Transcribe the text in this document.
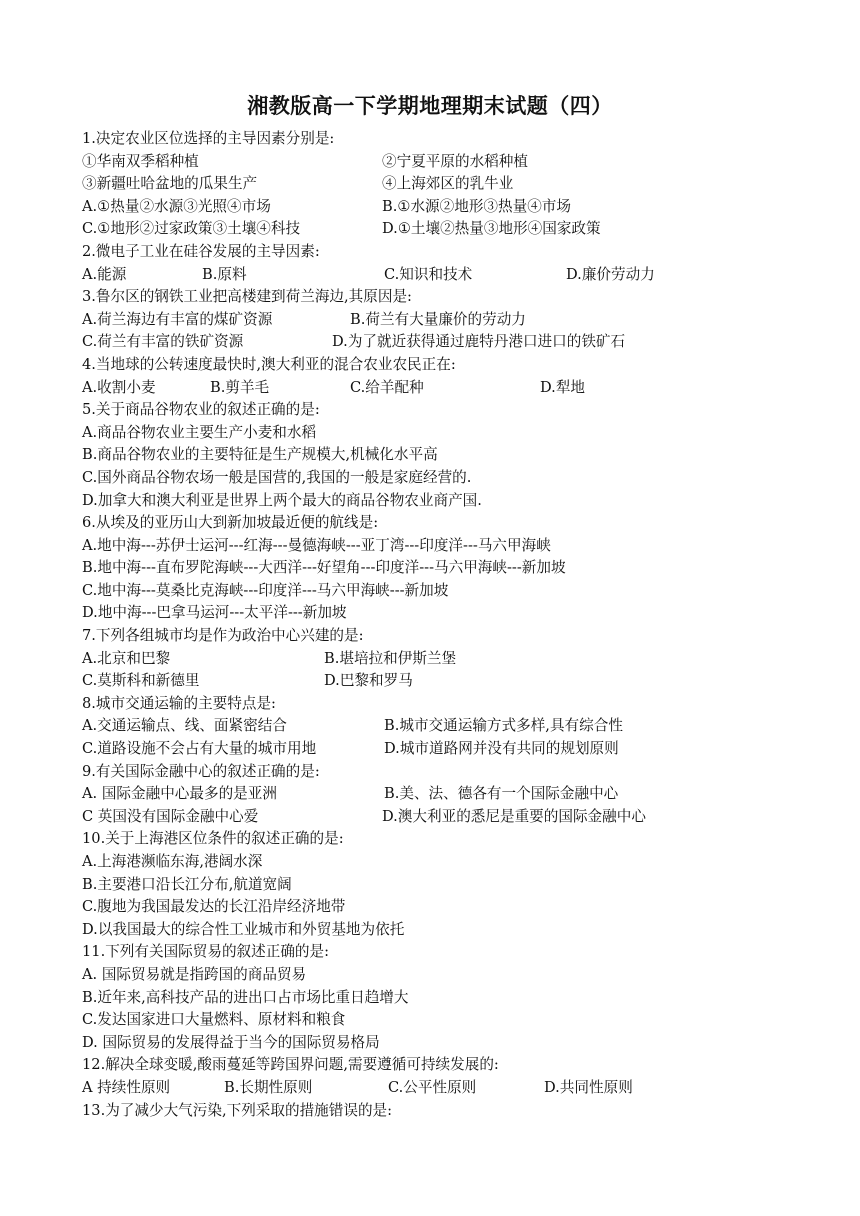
湘教版高一下学期地理期末试题（四）
1.决定农业区位选择的主导因素分别是:
①华南双季稻种植	②宁夏平原的水稻种植
③新疆吐哈盆地的瓜果生产	④上海郊区的乳牛业
A.①热量②水源③光照④市场	B.①水源②地形③热量④市场
C.①地形②过家政策③土壤④科技	D.①土壤②热量③地形④国家政策
2.微电子工业在硅谷发展的主导因素:
A.能源	B.原料	C.知识和技术	D.廉价劳动力
3.鲁尔区的钢铁工业把高楼建到荷兰海边,其原因是:
A.荷兰海边有丰富的煤矿资源	B.荷兰有大量廉价的劳动力
C.荷兰有丰富的铁矿资源	D.为了就近获得通过鹿特丹港口进口的铁矿石
4.当地球的公转速度最快时,澳大利亚的混合农业农民正在:
A.收割小麦	B.剪羊毛	C.给羊配种	D.犁地
5.关于商品谷物农业的叙述正确的是:
A.商品谷物农业主要生产小麦和水稻
B.商品谷物农业的主要特征是生产规模大,机械化水平高
C.国外商品谷物农场一般是国营的,我国的一般是家庭经营的.
D.加拿大和澳大利亚是世界上两个最大的商品谷物农业商产国.
6.从埃及的亚历山大到新加坡最近便的航线是:
A.地中海---苏伊士运河---红海---曼德海峡---亚丁湾---印度洋---马六甲海峡
B.地中海---直布罗陀海峡---大西洋---好望角---印度洋---马六甲海峡---新加坡
C.地中海---莫桑比克海峡---印度洋---马六甲海峡---新加坡
D.地中海---巴拿马运河---太平洋---新加坡
7.下列各组城市均是作为政治中心兴建的是:
A.北京和巴黎	B.堪培拉和伊斯兰堡
C.莫斯科和新德里	D.巴黎和罗马
8.城市交通运输的主要特点是:
A.交通运输点、线、面紧密结合	B.城市交通运输方式多样,具有综合性
C.道路设施不会占有大量的城市用地	D.城市道路网并没有共同的规划原则
9.有关国际金融中心的叙述正确的是:
A. 国际金融中心最多的是亚洲	B.美、法、德各有一个国际金融中心
C 英国没有国际金融中心爱	D.澳大利亚的悉尼是重要的国际金融中心
10.关于上海港区位条件的叙述正确的是:
A.上海港濒临东海,港阔水深
B.主要港口沿长江分布,航道宽阔
C.腹地为我国最发达的长江沿岸经济地带
D.以我国最大的综合性工业城市和外贸基地为依托
11.下列有关国际贸易的叙述正确的是:
A. 国际贸易就是指跨国的商品贸易
B.近年来,高科技产品的进出口占市场比重日趋增大
C.发达国家进口大量燃料、原材料和粮食
D. 国际贸易的发展得益于当今的国际贸易格局
12.解决全球变暖,酸雨蔓延等跨国界问题,需要遵循可持续发展的:
A 持续性原则	B.长期性原则	C.公平性原则	D.共同性原则
13.为了减少大气污染,下列采取的措施错误的是:
